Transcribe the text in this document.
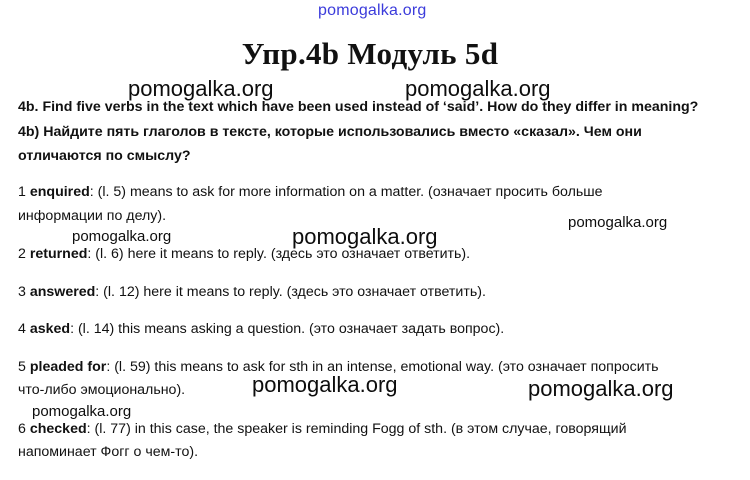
pomogalka.org
Упр.4b Модуль 5d
pomogalka.org	pomogalka.org
4b. Find five verbs in the text which have been used instead of ‘said’. How do they differ in meaning?
4b) Найдите пять глаголов в тексте, которые использовались вместо «сказал». Чем они
отличаются по смыслу?
1 enquired: (l. 5) means to ask for more information on a matter. (означает просить больше
информации по делу).	pomogalka.org
pomogalka.org	pomogalka.org
2 returned: (l. 6) here it means to reply. (здесь это означает ответить).
3 answered: (l. 12) here it means to reply. (здесь это означает ответить).
4 asked: (l. 14) this means asking a question. (это означает задать вопрос).
5 pleaded for: (l. 59) this means to ask for sth in an intense, emotional way. (это означает попросить
что-либо эмоционально).	pomogalka.org	pomogalka.org
pomogalka.org
6 checked: (l. 77) in this case, the speaker is reminding Fogg of sth. (в этом случае, говорящий
напоминает Фогг о чем-то).
